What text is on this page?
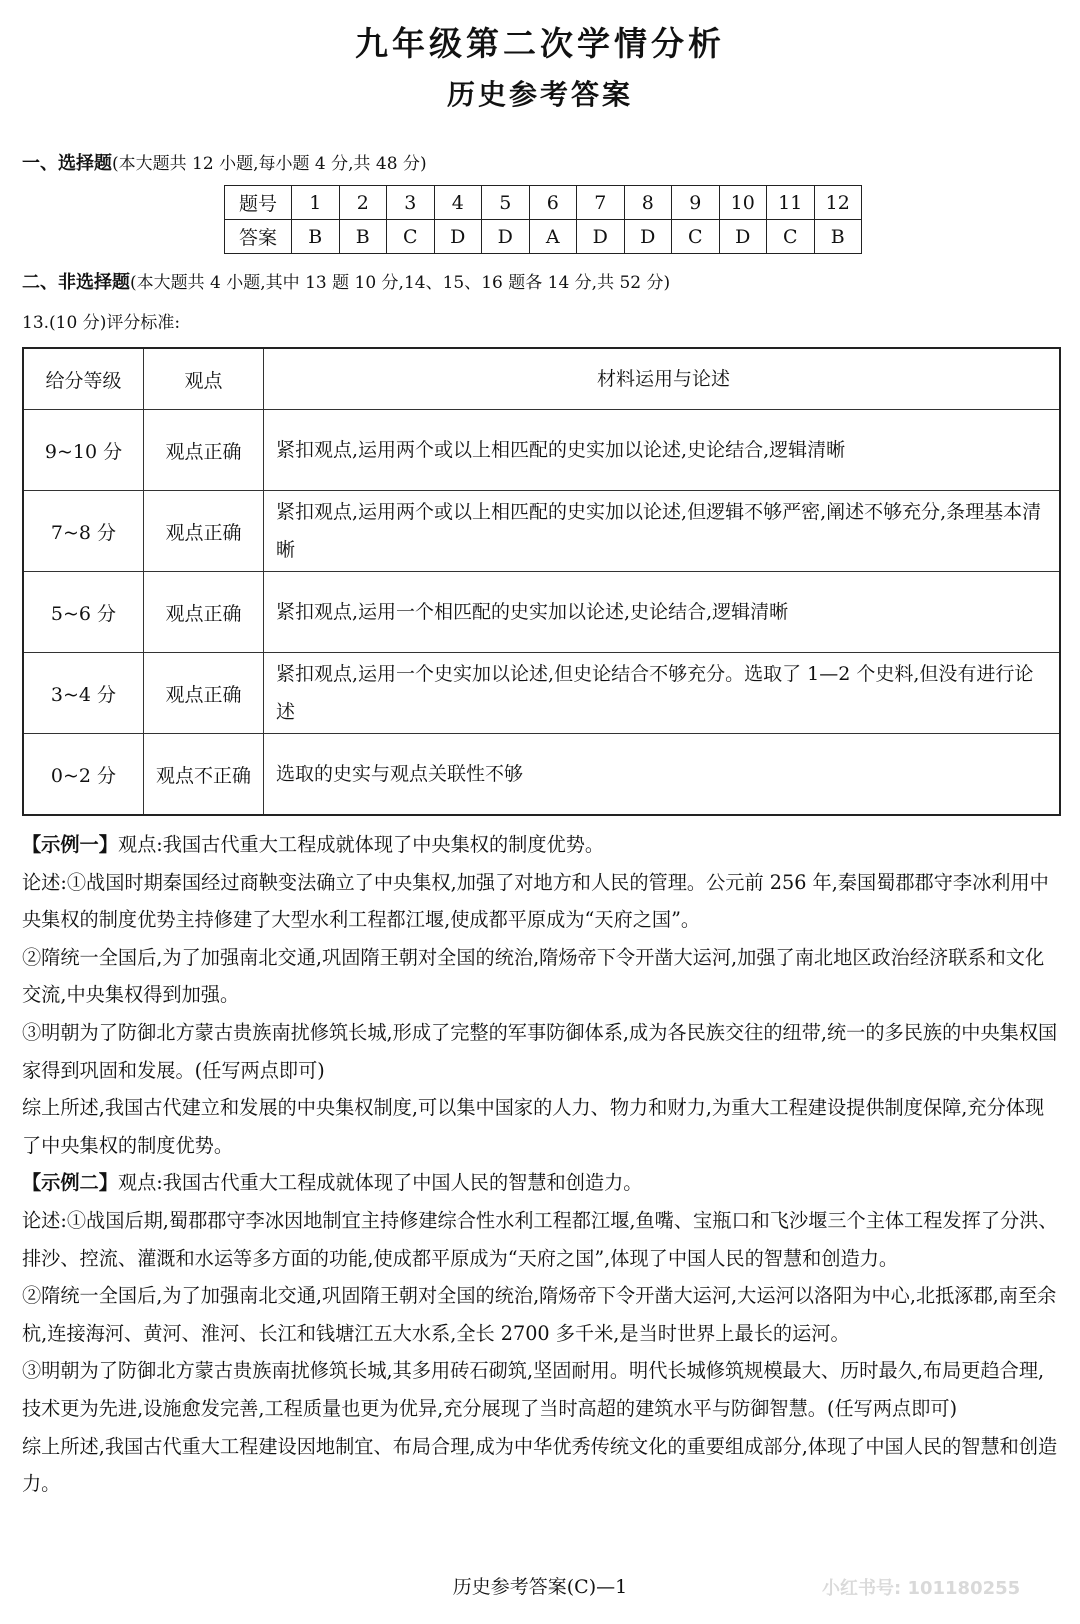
九年级第二次学情分析
历史参考答案
一、选择题(本大题共 12 小题,每小题 4 分,共 48 分)
题号	1	2	3	4	5	6	7	8	9	10	11	12
答案	B	B	C	D	D	A	D	D	C	D	C	B
二、非选择题(本大题共 4 小题,其中 13 题 10 分,14、15、16 题各 14 分,共 52 分)
13.(10 分)评分标准:
给分等级	观点	材料运用与论述
9~10 分	观点正确	紧扣观点,运用两个或以上相匹配的史实加以论述,史论结合,逻辑清晰
7~8 分	观点正确	紧扣观点,运用两个或以上相匹配的史实加以论述,但逻辑不够严密,阐述不够充分,条理基本清晰
5~6 分	观点正确	紧扣观点,运用一个相匹配的史实加以论述,史论结合,逻辑清晰
3~4 分	观点正确	紧扣观点,运用一个史实加以论述,但史论结合不够充分。选取了 1—2 个史料,但没有进行论述
0~2 分	观点不正确	选取的史实与观点关联性不够

【示例一】观点:我国古代重大工程成就体现了中央集权的制度优势。

论述:①战国时期秦国经过商鞅变法确立了中央集权,加强了对地方和人民的管理。公元前 256 年,秦国蜀郡郡守李冰利用中央集权的制度优势主持修建了大型水利工程都江堰,使成都平原成为“天府之国”。

②隋统一全国后,为了加强南北交通,巩固隋王朝对全国的统治,隋炀帝下令开凿大运河,加强了南北地区政治经济联系和文化交流,中央集权得到加强。

③明朝为了防御北方蒙古贵族南扰修筑长城,形成了完整的军事防御体系,成为各民族交往的纽带,统一的多民族的中央集权国家得到巩固和发展。(任写两点即可)

综上所述,我国古代建立和发展的中央集权制度,可以集中国家的人力、物力和财力,为重大工程建设提供制度保障,充分体现了中央集权的制度优势。

【示例二】观点:我国古代重大工程成就体现了中国人民的智慧和创造力。

论述:①战国后期,蜀郡郡守李冰因地制宜主持修建综合性水利工程都江堰,鱼嘴、宝瓶口和飞沙堰三个主体工程发挥了分洪、排沙、控流、灌溉和水运等多方面的功能,使成都平原成为“天府之国”,体现了中国人民的智慧和创造力。

②隋统一全国后,为了加强南北交通,巩固隋王朝对全国的统治,隋炀帝下令开凿大运河,大运河以洛阳为中心,北抵涿郡,南至余杭,连接海河、黄河、淮河、长江和钱塘江五大水系,全长 2700 多千米,是当时世界上最长的运河。

③明朝为了防御北方蒙古贵族南扰修筑长城,其多用砖石砌筑,坚固耐用。明代长城修筑规模最大、历时最久,布局更趋合理,技术更为先进,设施愈发完善,工程质量也更为优异,充分展现了当时高超的建筑水平与防御智慧。(任写两点即可)

综上所述,我国古代重大工程建设因地制宜、布局合理,成为中华优秀传统文化的重要组成部分,体现了中国人民的智慧和创造力。

历史参考答案(C)—1	小红书号: 101180255
